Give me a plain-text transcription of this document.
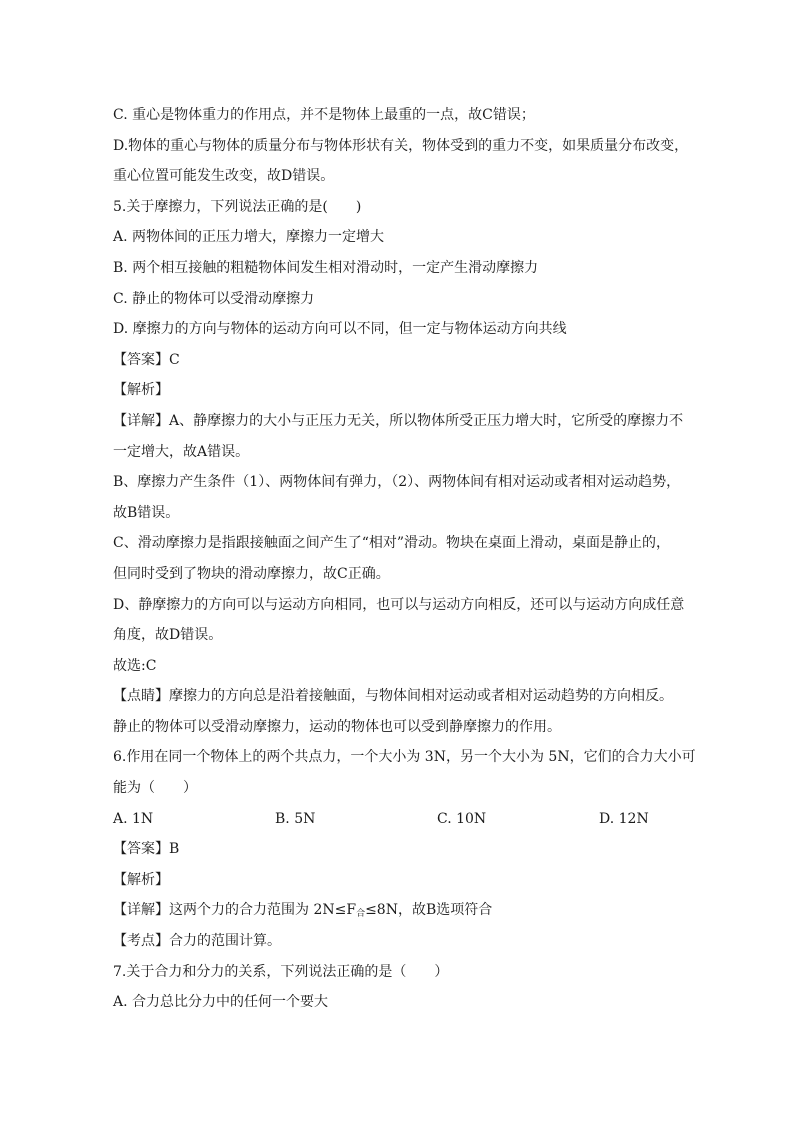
C. 重心是物体重力的作用点，并不是物体上最重的一点，故C错误；
D.物体的重心与物体的质量分布与物体形状有关，物体受到的重力不变，如果质量分布改变，
重心位置可能发生改变，故D错误。
5.关于摩擦力，下列说法正确的是(　　)
A. 两物体间的正压力增大，摩擦力一定增大
B. 两个相互接触的粗糙物体间发生相对滑动时，一定产生滑动摩擦力
C. 静止的物体可以受滑动摩擦力
D. 摩擦力的方向与物体的运动方向可以不同，但一定与物体运动方向共线
【答案】C
【解析】
【详解】A、静摩擦力的大小与正压力无关，所以物体所受正压力增大时，它所受的摩擦力不
一定增大，故A错误。
B、摩擦力产生条件（1）、两物体间有弹力，（2）、两物体间有相对运动或者相对运动趋势，
故B错误。
C、滑动摩擦力是指跟接触面之间产生了“相对”滑动。物块在桌面上滑动，桌面是静止的，
但同时受到了物块的滑动摩擦力，故C正确。
D、静摩擦力的方向可以与运动方向相同，也可以与运动方向相反，还可以与运动方向成任意
角度，故D错误。
故选:C
【点睛】摩擦力的方向总是沿着接触面，与物体间相对运动或者相对运动趋势的方向相反。
静止的物体可以受滑动摩擦力，运动的物体也可以受到静摩擦力的作用。
6.作用在同一个物体上的两个共点力，一个大小为 3N，另一个大小为 5N，它们的合力大小可
能为（　　）
A. 1N	B. 5N	C. 10N	D. 12N
【答案】B
【解析】
【详解】这两个力的合力范围为 $2N\le F_合\le 8N$，故B选项符合
【考点】合力的范围计算。
7.关于合力和分力的关系，下列说法正确的是（　　）
A. 合力总比分力中的任何一个要大
